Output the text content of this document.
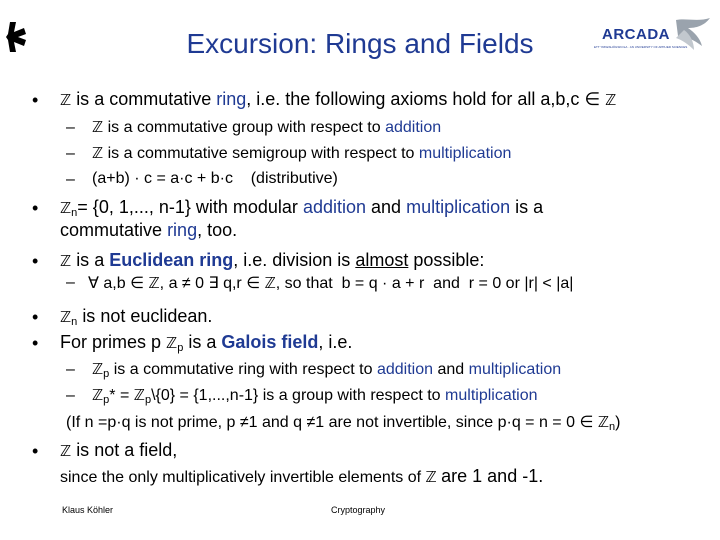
Excursion: Rings and Fields	ARCADA
ETT YRKESHÖGSKOLA · AN UNIVERSITY OF APPLIED SCIENCES
• ℤ is a commutative ring, i.e. the following axioms hold for all a,b,c ∈ ℤ
– ℤ is a commutative group with respect to addition
– ℤ is a commutative semigroup with respect to multiplication
– (a+b) · c = a·c + b·c    (distributive)
• ℤ$_n$= {0, 1,..., n-1} with modular addition and multiplication is a
commutative ring, too.
• ℤ is a Euclidean ring, i.e. division is almost possible:
– ∀ a,b ∈ ℤ, a ≠ 0 ∃ q,r ∈ ℤ, so that  b = q · a + r  and  r = 0 or |r| < |a|
• ℤ$_n$ is not euclidean.
• For primes p ℤ$_p$ is a Galois field, i.e.
– ℤ$_p$ is a commutative ring with respect to addition and multiplication
– ℤ$_p$* = ℤ$_p$\{0} = {1,...,n-1} is a group with respect to multiplication
(If n =p·q is not prime, p ≠1 and q ≠1 are not invertible, since p·q = n = 0 ∈ ℤ$_n$)
• ℤ is not a field,
since the only multiplicatively invertible elements of ℤ are 1 and -1.
Klaus Köhler	Cryptography
